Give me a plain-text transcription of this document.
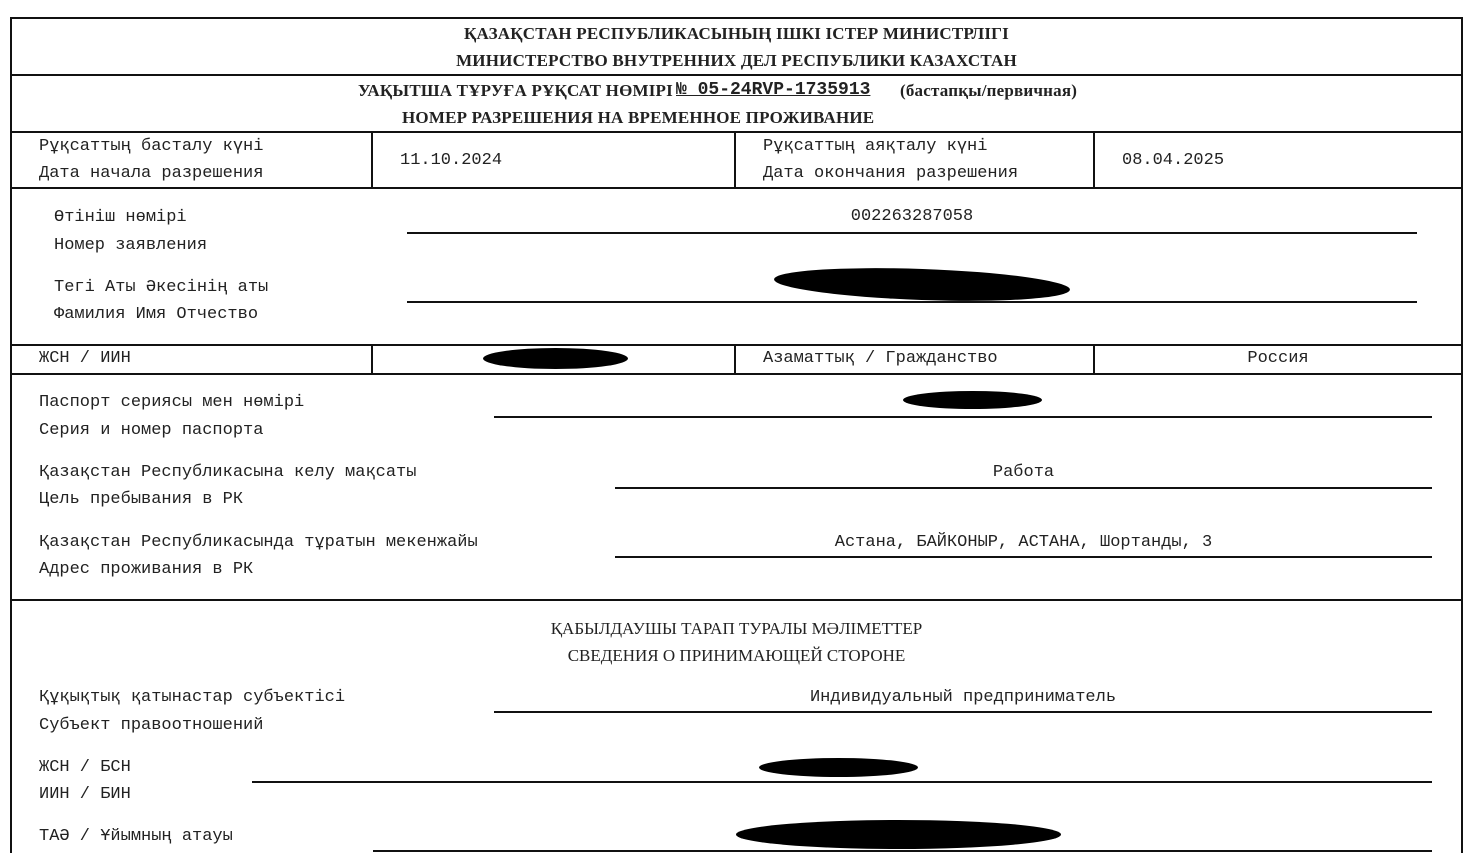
ҚАЗАҚСТАН РЕСПУБЛИКАСЫНЫҢ ІШКІ ІСТЕР МИНИСТРЛІГІ
МИНИСТЕРСТВО ВНУТРЕННИХ ДЕЛ РЕСПУБЛИКИ КАЗАХСТАН
УАҚЫТША ТҰРУҒА РҰҚСАТ НӨМІРІ № 05-24RVP-1735913 (бастапқы/первичная)
НОМЕР РАЗРЕШЕНИЯ НА ВРЕМЕННОЕ ПРОЖИВАНИЕ
Рұқсаттың басталу күні
Дата начала разрешения
11.10.2024
Рұқсаттың аяқталу күні
Дата окончания разрешения
08.04.2025
Өтініш нөмірі
Номер заявления
002263287058
Тегі Аты Әкесінің аты
Фамилия Имя Отчество
ЖСН / ИИН	Азаматтық / Гражданство	Россия
Паспорт сериясы мен нөмірі
Серия и номер паспорта
Қазақстан Республикасына келу мақсаты
Цель пребывания в РК
Работа
Қазақстан Республикасында тұратын мекенжайы
Адрес проживания в РК
Астана, БАЙКОНЫР, АСТАНА, Шортанды, 3
ҚАБЫЛДАУШЫ ТАРАП ТУРАЛЫ МӘЛІМЕТТЕР
СВЕДЕНИЯ О ПРИНИМАЮЩЕЙ СТОРОНЕ
Құқықтық қатынастар субъектісі
Субъект правоотношений
Индивидуальный предприниматель
ЖСН / БСН
ИИН / БИН
ТАӘ / Ұйымның атауы
